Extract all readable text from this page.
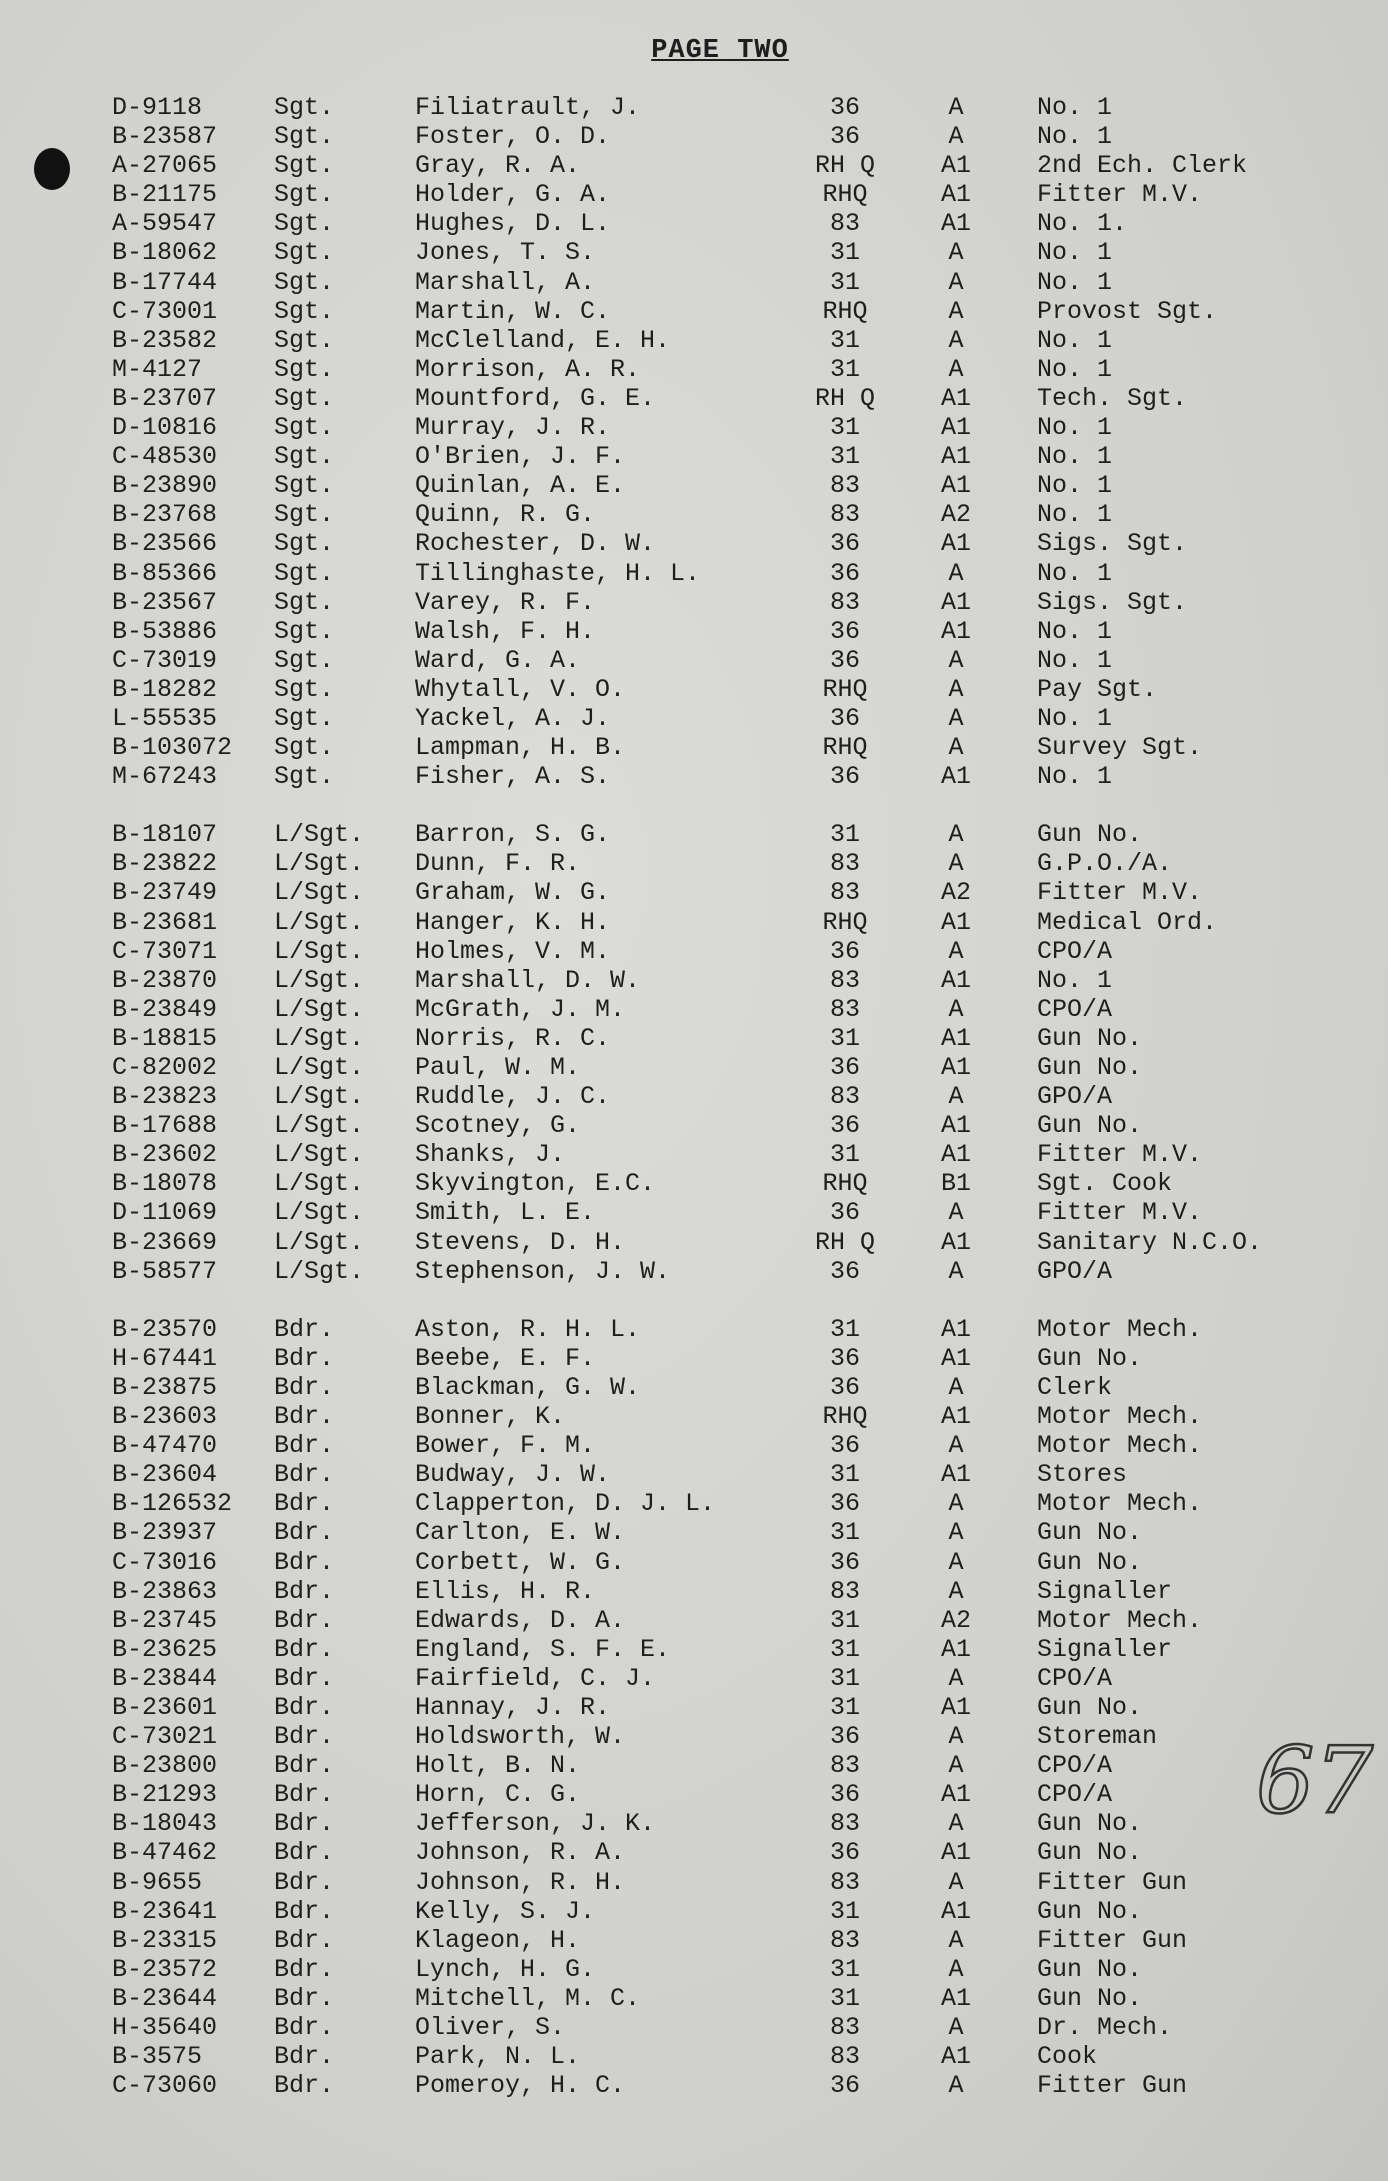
PAGE TWO
D-9118	Sgt.	Filiatrault, J.	36	A	No. 1
B-23587 Sgt.	Foster, O. D.	36	A	No. 1
A-27065 Sgt.	Gray, R. A.	RH Q	A1	2nd Ech. Clerk
B-21175 Sgt.	Holder, G. A.	RHQ	A1	Fitter M.V.
A-59547 Sgt.	Hughes, D. L.	83	A1	No. 1.
B-18062 Sgt.	Jones, T. S.	31	A	No. 1
B-17744 Sgt.	Marshall, A.	31	A	No. 1
C-73001 Sgt.	Martin, W. C.	RHQ	A	Provost Sgt.
B-23582 Sgt.	McClelland, E. H.	31	A	No. 1
M-4127	Sgt.	Morrison, A. R.	31	A	No. 1
B-23707 Sgt.	Mountford, G. E.	RH Q	A1	Tech. Sgt.
D-10816 Sgt.	Murray, J. R.	31	A1	No. 1
C-48530 Sgt.	O'Brien, J. F.	31	A1	No. 1
B-23890 Sgt.	Quinlan, A. E.	83	A1	No. 1
B-23768 Sgt.	Quinn, R. G.	83	A2	No. 1
B-23566 Sgt.	Rochester, D. W.	36	A1	Sigs. Sgt.
B-85366 Sgt.	Tillinghaste, H. L.	36	A	No. 1
B-23567 Sgt.	Varey, R. F.	83	A1	Sigs. Sgt.
B-53886 Sgt.	Walsh, F. H.	36	A1	No. 1
C-73019 Sgt.	Ward, G. A.	36	A	No. 1
B-18282 Sgt.	Whytall, V. O.	RHQ	A	Pay Sgt.
L-55535 Sgt.	Yackel, A. J.	36	A	No. 1
B-103072 Sgt.	Lampman, H. B.	RHQ	A	Survey Sgt.
M-67243 Sgt.	Fisher, A. S.	36	A1	No. 1
B-18107 L/Sgt. Barron, S. G.	31	A	Gun No.
B-23822 L/Sgt. Dunn, F. R.	83	A	G.P.O./A.
B-23749 L/Sgt. Graham, W. G.	83	A2	Fitter M.V.
B-23681 L/Sgt. Hanger, K. H.	RHQ	A1	Medical Ord.
C-73071 L/Sgt. Holmes, V. M.	36	A	CPO/A
B-23870 L/Sgt. Marshall, D. W.	83	A1	No. 1
B-23849 L/Sgt. McGrath, J. M.	83	A	CPO/A
B-18815 L/Sgt. Norris, R. C.	31	A1	Gun No.
C-82002 L/Sgt. Paul, W. M.	36	A1	Gun No.
B-23823 L/Sgt. Ruddle, J. C.	83	A	GPO/A
B-17688 L/Sgt. Scotney, G.	36	A1	Gun No.
B-23602 L/Sgt. Shanks, J.	31	A1	Fitter M.V.
B-18078 L/Sgt. Skyvington, E.C.	RHQ	B1	Sgt. Cook
D-11069 L/Sgt. Smith, L. E.	36	A	Fitter M.V.
B-23669 L/Sgt. Stevens, D. H.	RH Q	A1	Sanitary N.C.O.
B-58577 L/Sgt. Stephenson, J. W.	36	A	GPO/A
B-23570 Bdr.	Aston, R. H. L.	31	A1	Motor Mech.
H-67441 Bdr.	Beebe, E. F.	36	A1	Gun No.
B-23875 Bdr.	Blackman, G. W.	36	A	Clerk
B-23603 Bdr.	Bonner, K.	RHQ	A1	Motor Mech.
B-47470 Bdr.	Bower, F. M.	36	A	Motor Mech.
B-23604 Bdr.	Budway, J. W.	31	A1	Stores
B-126532 Bdr.	Clapperton, D. J. L.	36	A	Motor Mech.
B-23937 Bdr.	Carlton, E. W.	31	A	Gun No.
C-73016 Bdr.	Corbett, W. G.	36	A	Gun No.
B-23863 Bdr.	Ellis, H. R.	83	A	Signaller
B-23745 Bdr.	Edwards, D. A.	31	A2	Motor Mech.
B-23625 Bdr.	England, S. F. E.	31	A1	Signaller
B-23844 Bdr.	Fairfield, C. J.	31	A	CPO/A
B-23601 Bdr.	Hannay, J. R.	31	A1	Gun No.
C-73021 Bdr.	Holdsworth, W.	36	A	Storeman
B-23800 Bdr.	Holt, B. N.	83	A	CPO/A
B-21293 Bdr.	Horn, C. G.	36	A1	CPO/A
B-18043 Bdr.	Jefferson, J. K.	83	A	Gun No.
B-47462 Bdr.	Johnson, R. A.	36	A1	Gun No.
B-9655	Bdr.	Johnson, R. H.	83	A	Fitter Gun
B-23641 Bdr.	Kelly, S. J.	31	A1	Gun No.
B-23315 Bdr.	Klageon, H.	83	A	Fitter Gun
B-23572 Bdr.	Lynch, H. G.	31	A	Gun No.
B-23644 Bdr.	Mitchell, M. C.	31	A1	Gun No.
H-35640 Bdr.	Oliver, S.	83	A	Dr. Mech.
B-3575	Bdr.	Park, N. L.	83	A1	Cook
C-73060 Bdr.	Pomeroy, H. C.	36	A	Fitter Gun
67
